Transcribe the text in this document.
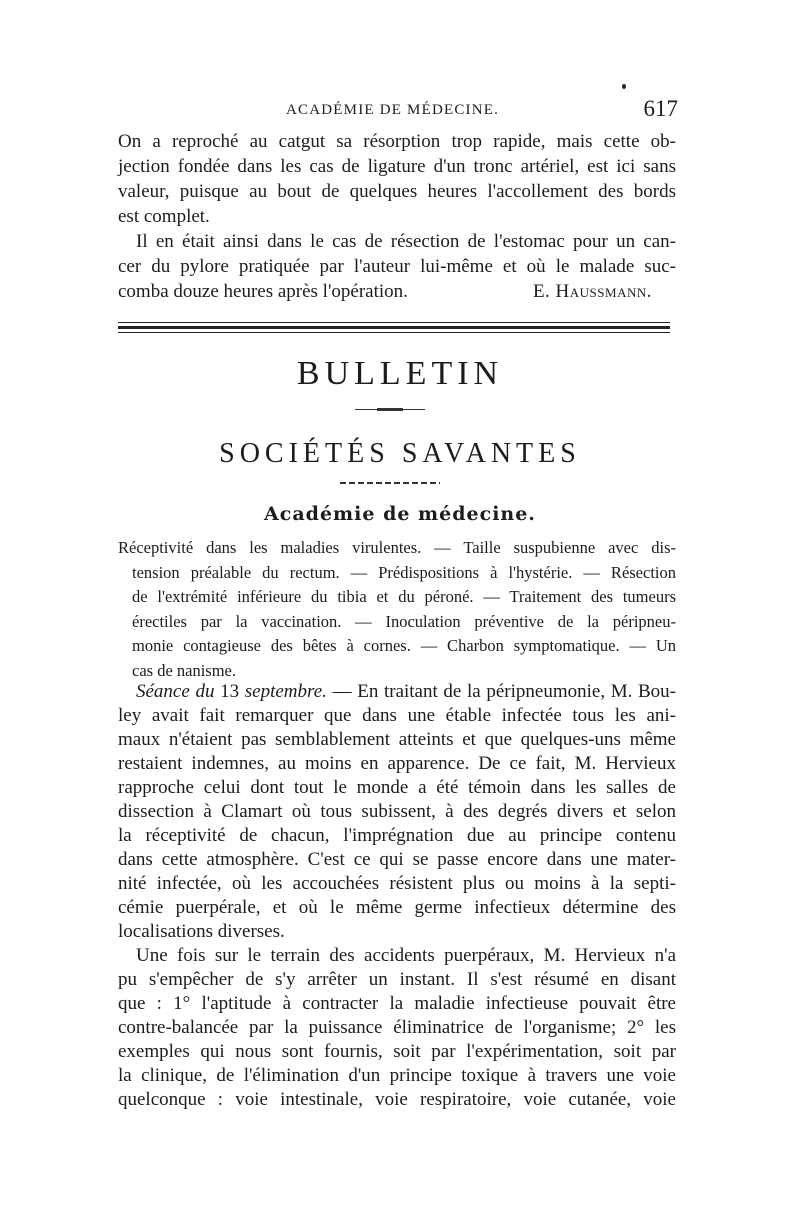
ACADÉMIE DE MÉDECINE.	617
On a reproché au catgut sa résorption trop rapide, mais cette ob-
jection fondée dans les cas de ligature d'un tronc artériel, est ici sans
valeur, puisque au bout de quelques heures l'accollement des bords
est complet.
Il en était ainsi dans le cas de résection de l'estomac pour un can-
cer du pylore pratiquée par l'auteur lui-même et où le malade suc-
comba douze heures après l'opération.	E. Haussmann.
BULLETIN
SOCIÉTÉS SAVANTES
Académie de médecine.
Réceptivité dans les maladies virulentes. — Taille suspubienne avec dis-
tension préalable du rectum. — Prédispositions à l'hystérie. — Résection
de l'extrémité inférieure du tibia et du péroné. — Traitement des tumeurs
érectiles par la vaccination. — Inoculation préventive de la péripneu-
monie contagieuse des bêtes à cornes. — Charbon symptomatique. — Un
cas de nanisme.
Séance du 13 septembre. — En traitant de la péripneumonie, M. Bou-
ley avait fait remarquer que dans une étable infectée tous les ani-
maux n'étaient pas semblablement atteints et que quelques-uns même
restaient indemnes, au moins en apparence. De ce fait, M. Hervieux
rapproche celui dont tout le monde a été témoin dans les salles de
dissection à Clamart où tous subissent, à des degrés divers et selon
la réceptivité de chacun, l'imprégnation due au principe contenu
dans cette atmosphère. C'est ce qui se passe encore dans une mater-
nité infectée, où les accouchées résistent plus ou moins à la septi-
cémie puerpérale, et où le même germe infectieux détermine des
localisations diverses.
Une fois sur le terrain des accidents puerpéraux, M. Hervieux n'a
pu s'empêcher de s'y arrêter un instant. Il s'est résumé en disant
que : 1° l'aptitude à contracter la maladie infectieuse pouvait être
contre-balancée par la puissance éliminatrice de l'organisme; 2° les
exemples qui nous sont fournis, soit par l'expérimentation, soit par
la clinique, de l'élimination d'un principe toxique à travers une voie
quelconque : voie intestinale, voie respiratoire, voie cutanée, voie
